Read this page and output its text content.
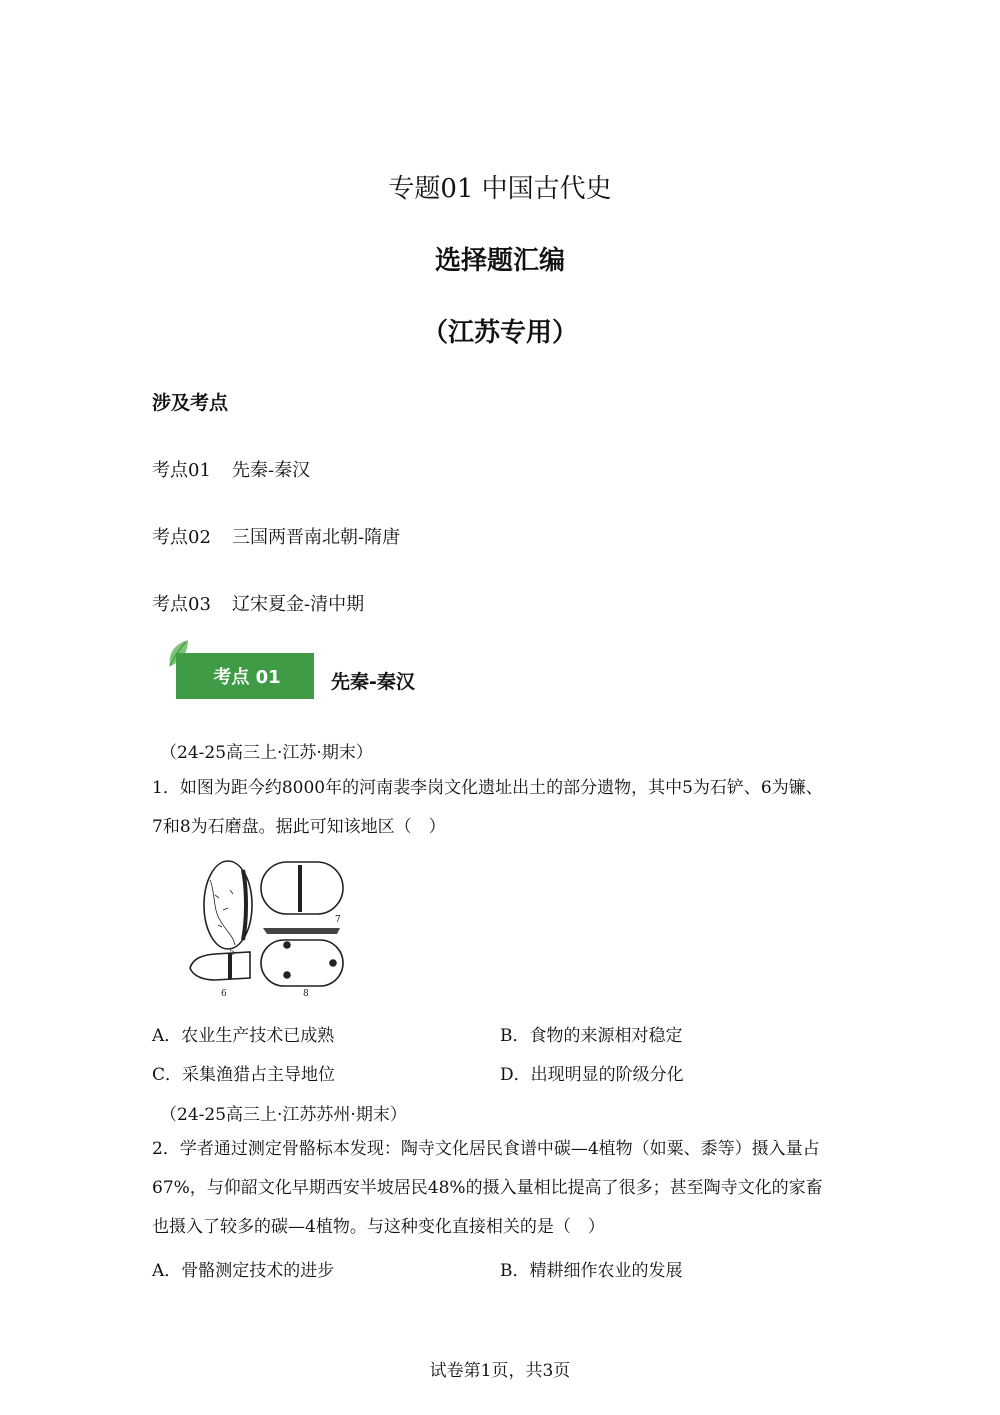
专题01 中国古代史
选择题汇编
（江苏专用）
涉及考点
考点01 先秦-秦汉
考点02 三国两晋南北朝-隋唐
考点03 辽宋夏金-清中期
考点 01	先秦-秦汉
（24-25高三上·江苏·期末）
1．如图为距今约8000年的河南裴李岗文化遗址出土的部分遗物，其中5为石铲、6为镰、
7和8为石磨盘。据此可知该地区（　）
5
6
7
8
A．农业生产技术已成熟	B．食物的来源相对稳定
C．采集渔猎占主导地位	D．出现明显的阶级分化
（24-25高三上·江苏苏州·期末）
2．学者通过测定骨骼标本发现：陶寺文化居民食谱中碳—4植物（如粟、黍等）摄入量占
67%，与仰韶文化早期西安半坡居民48%的摄入量相比提高了很多；甚至陶寺文化的家畜
也摄入了较多的碳—4植物。与这种变化直接相关的是（　）
A．骨骼测定技术的进步	B．精耕细作农业的发展
试卷第1页，共3页
